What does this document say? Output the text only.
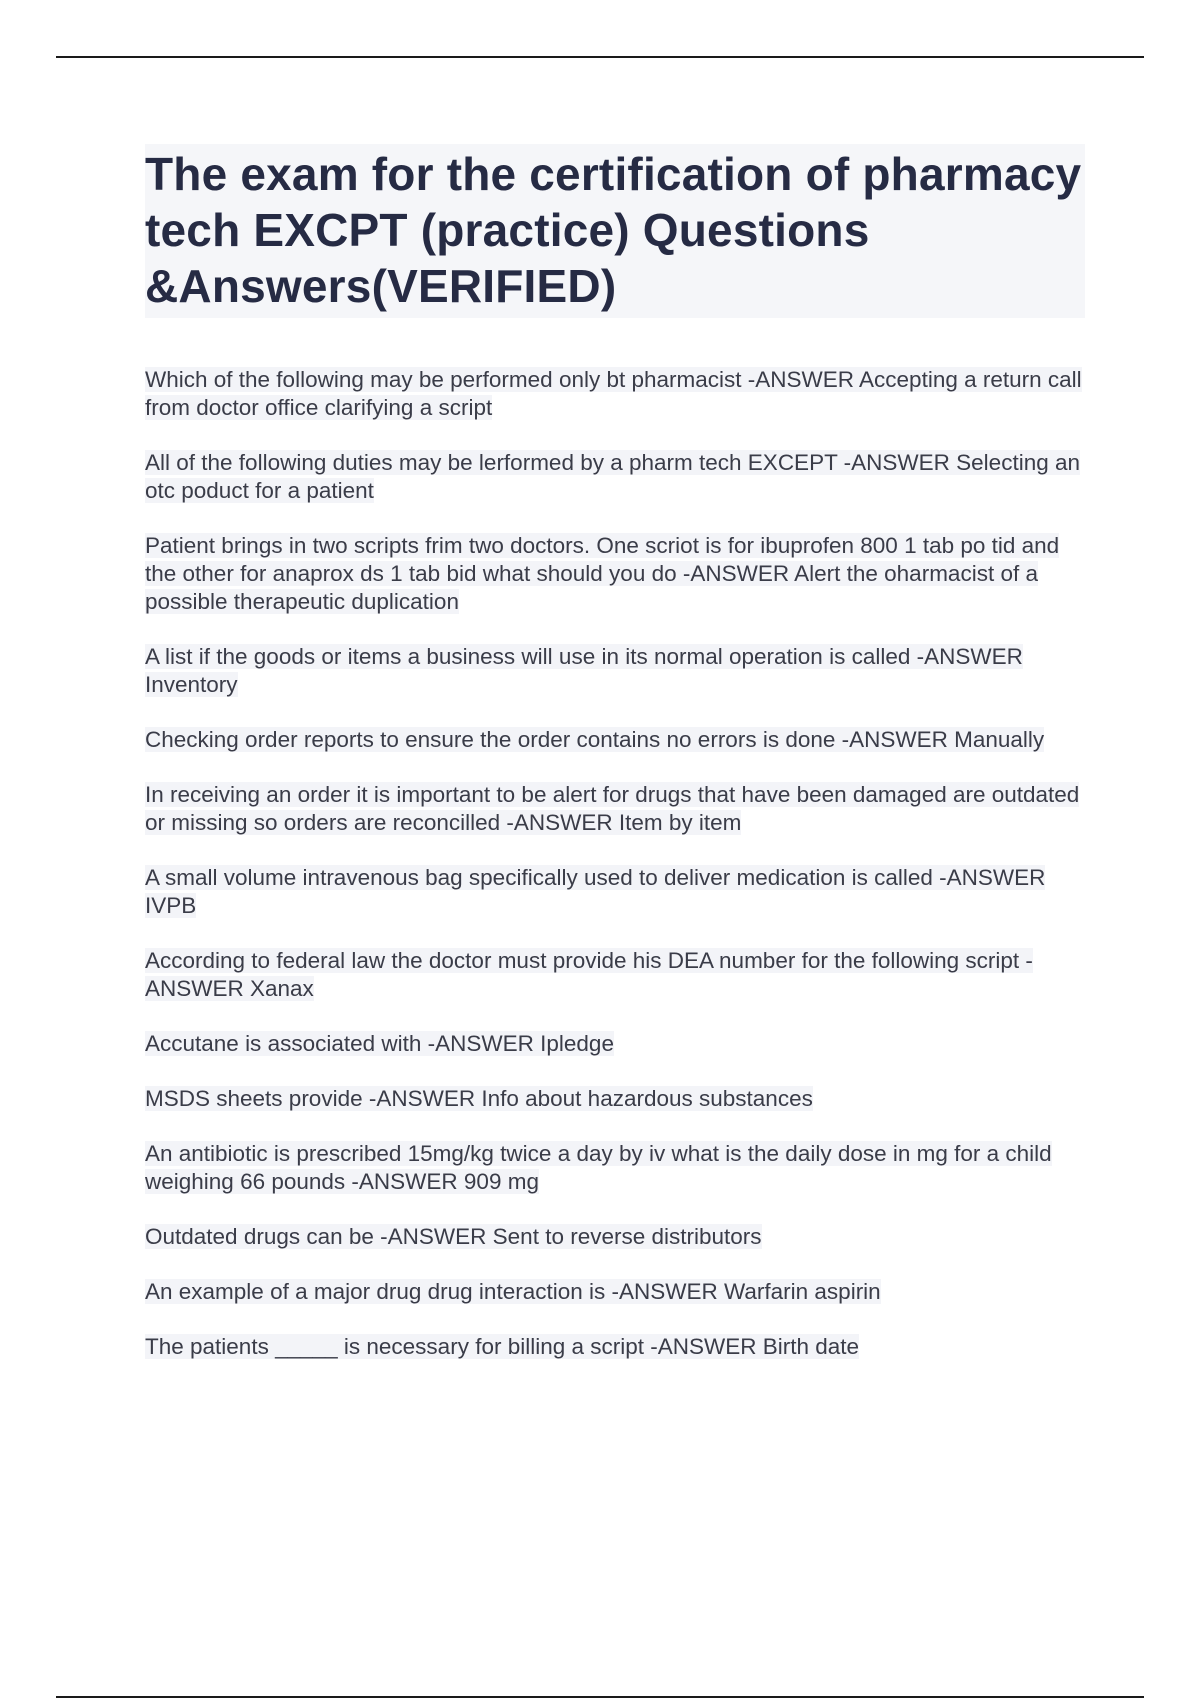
The exam for the certification of pharmacy tech EXCPT (practice) Questions &Answers(VERIFIED)
Which of the following may be performed only bt pharmacist -ANSWER Accepting a return call from doctor office clarifying a script
All of the following duties may be lerformed by a pharm tech EXCEPT -ANSWER Selecting an otc poduct for a patient
Patient brings in two scripts frim two doctors. One scriot is for ibuprofen 800 1 tab po tid and the other for anaprox ds 1 tab bid what should you do -ANSWER Alert the oharmacist of a possible therapeutic duplication
A list if the goods or items a business will use in its normal operation is called -ANSWER Inventory
Checking order reports to ensure the order contains no errors is done -ANSWER Manually
In receiving an order it is important to be alert for drugs that have been damaged are outdated or missing so orders are reconcilled -ANSWER Item by item
A small volume intravenous bag specifically used to deliver medication is called -ANSWER IVPB
According to federal law the doctor must provide his DEA number for the following script -ANSWER Xanax
Accutane is associated with -ANSWER Ipledge
MSDS sheets provide -ANSWER Info about hazardous substances
An antibiotic is prescribed 15mg/kg twice a day by iv what is the daily dose in mg for a child weighing 66 pounds -ANSWER 909 mg
Outdated drugs can be -ANSWER Sent to reverse distributors
An example of a major drug drug interaction is -ANSWER Warfarin aspirin
The patients _____ is necessary for billing a script -ANSWER Birth date
